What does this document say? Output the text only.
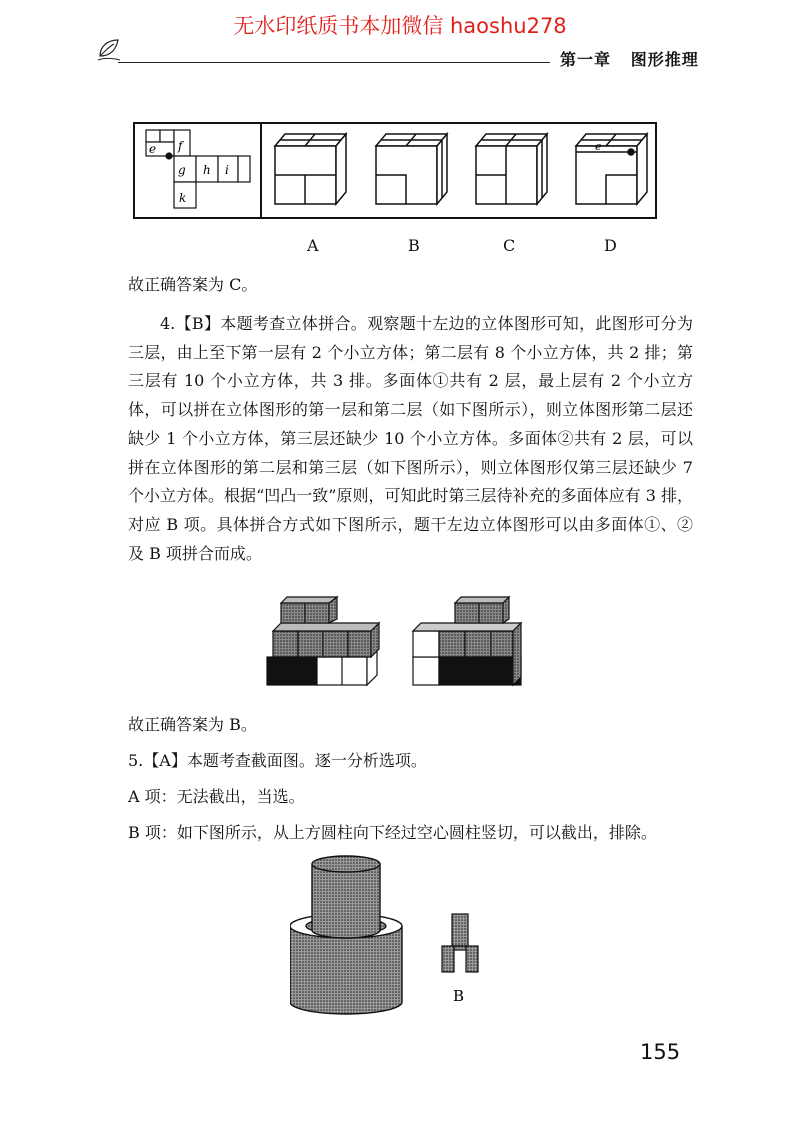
无水印纸质书本加微信 haoshu278
第一章 图形推理
e f
g h i
k
e
A	B	C	D
故正确答案为 C。

4.【B】本题考查立体拼合。观察题十左边的立体图形可知，此图形可分为三层，由上至下第一层有 2 个小立方体；第二层有 8 个小立方体，共 2 排；第三层有 10 个小立方体，共 3 排。多面体①共有 2 层，最上层有 2 个小立方体，可以拼在立体图形的第一层和第二层（如下图所示），则立体图形第二层还缺少 1 个小立方体，第三层还缺少 10 个小立方体。多面体②共有 2 层，可以拼在立体图形的第二层和第三层（如下图所示），则立体图形仅第三层还缺少 7 个小立方体。根据“凹凸一致”原则，可知此时第三层待补充的多面体应有 3 排，对应 B 项。具体拼合方式如下图所示，题干左边立体图形可以由多面体①、②及 B 项拼合而成。

故正确答案为 B。
5.【A】本题考查截面图。逐一分析选项。
A 项：无法截出，当选。
B 项：如下图所示，从上方圆柱向下经过空心圆柱竖切，可以截出，排除。
B
155
